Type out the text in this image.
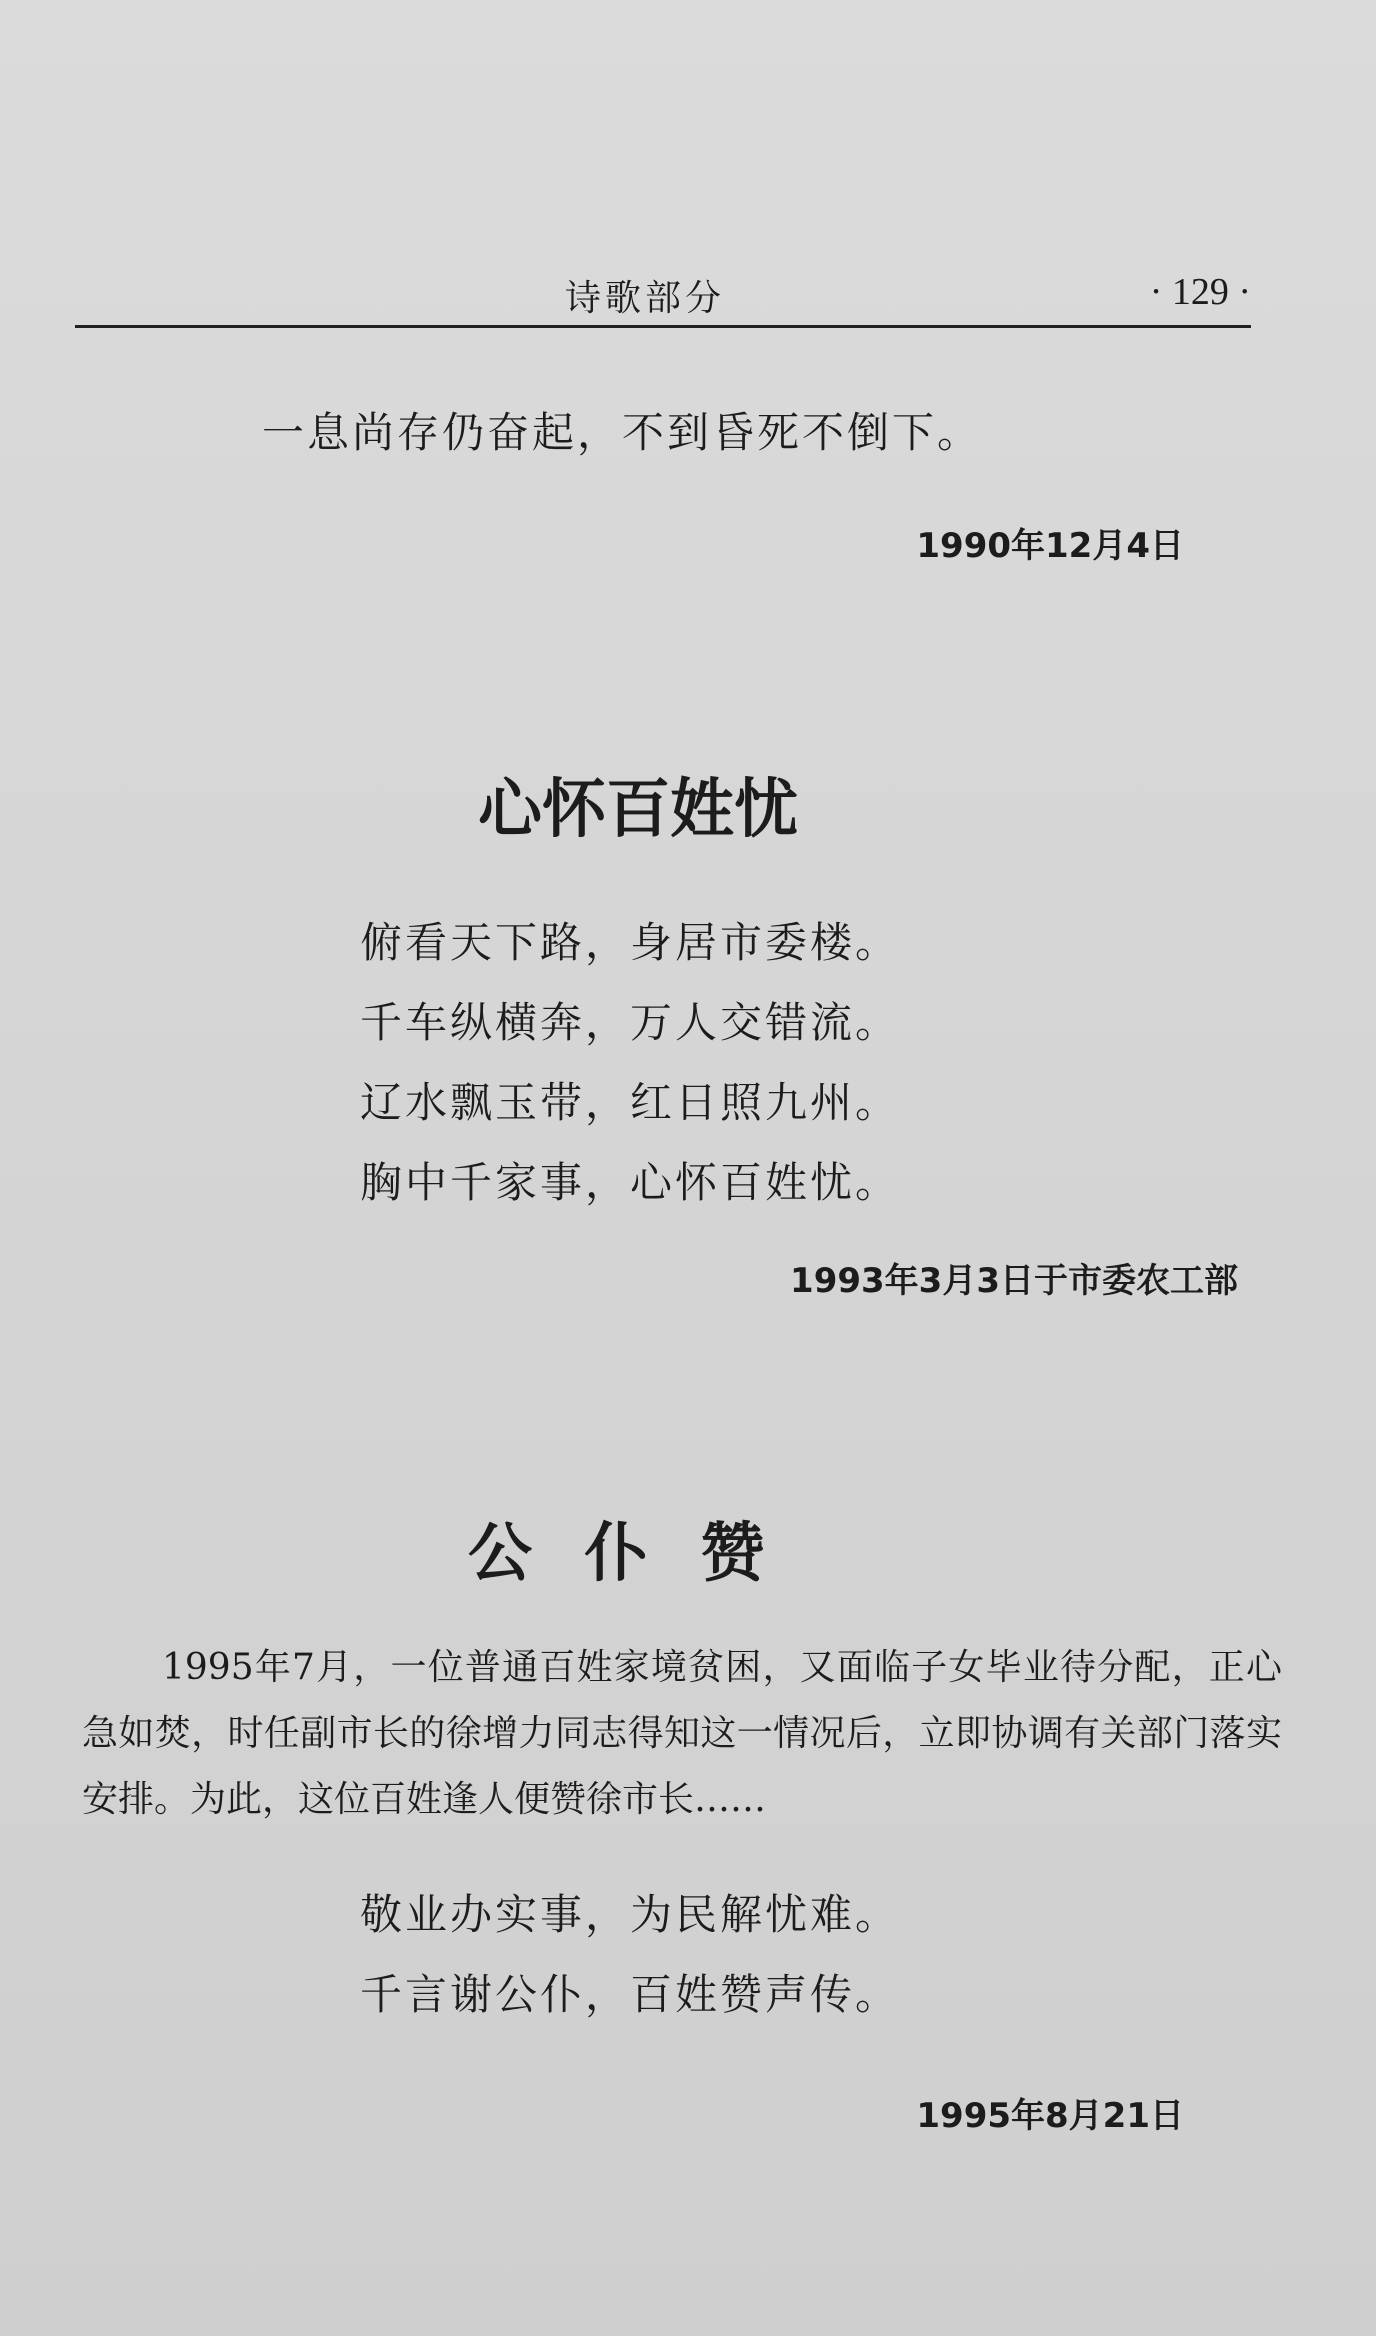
诗歌部分	· 129 ·
一息尚存仍奋起，不到昏死不倒下。
1990年12月4日
心怀百姓忧
俯看天下路，身居市委楼。
千车纵横奔，万人交错流。
辽水飘玉带，红日照九州。
胸中千家事，心怀百姓忧。
1993年3月3日于市委农工部
公 仆 赞

1995年7月，一位普通百姓家境贫困，又面临子女毕业待分配，正心急如焚，时任副市长的徐增力同志得知这一情况后，立即协调有关部门落实安排。为此，这位百姓逢人便赞徐市长……

敬业办实事，为民解忧难。
千言谢公仆，百姓赞声传。
1995年8月21日
